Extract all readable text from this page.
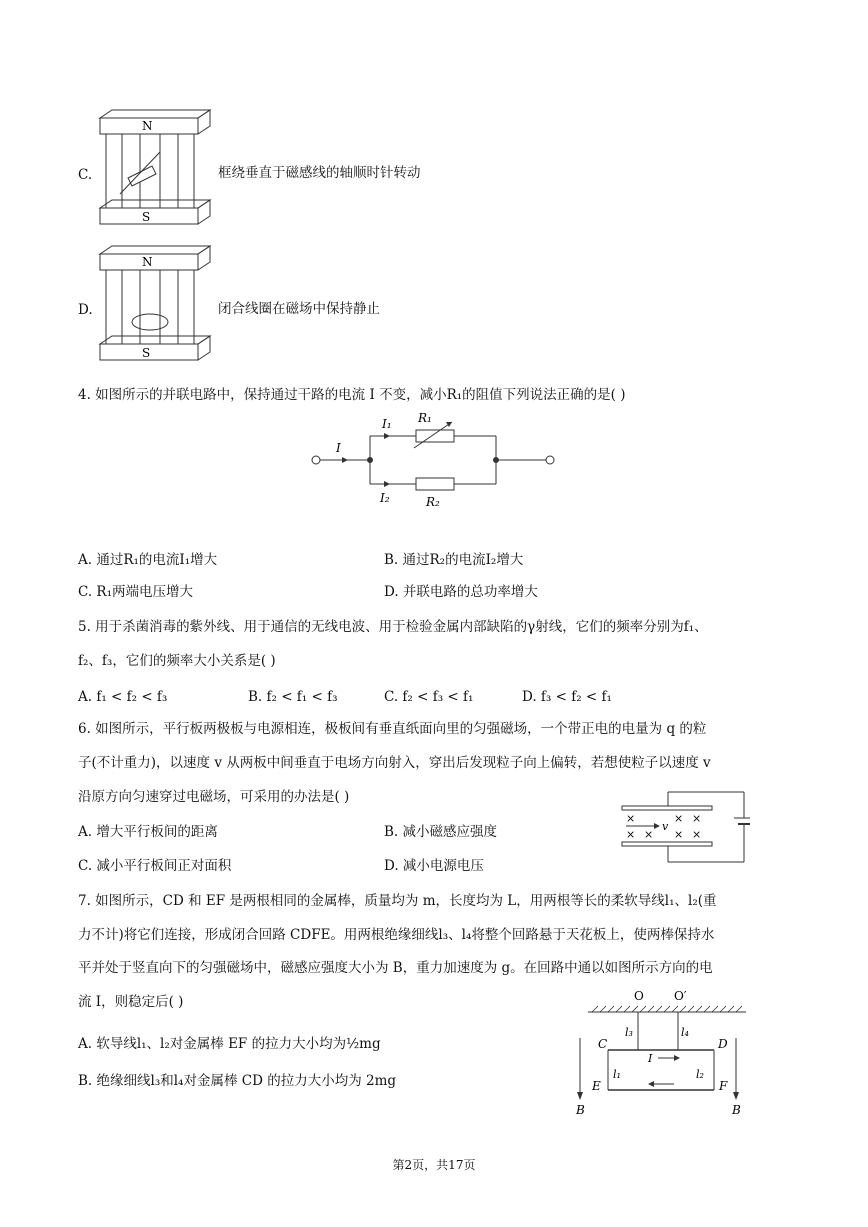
C.
N
S
框绕垂直于磁感线的轴顺时针转动
D.
N
S
闭合线圈在磁场中保持静止
4. 如图所示的并联电路中，保持通过干路的电流 I 不变，减小R₁的阻值下列说法正确的是( )
I
I₁ R₁
I₂	R₂
A. 通过R₁的电流I₁增大	B. 通过R₂的电流I₂增大
C. R₁两端电压增大	D. 并联电路的总功率增大
5. 用于杀菌消毒的紫外线、用于通信的无线电波、用于检验金属内部缺陷的γ射线，它们的频率分别为f₁、
f₂、f₃，它们的频率大小关系是( )
A. f₁ < f₂ < f₃	B. f₂ < f₁ < f₃	C. f₂ < f₃ < f₁	D. f₃ < f₂ < f₁
6. 如图所示，平行板两极板与电源相连，极板间有垂直纸面向里的匀强磁场，一个带正电的电量为 q 的粒
子(不计重力)，以速度 v 从两板中间垂直于电场方向射入，穿出后发现粒子向上偏转，若想使粒子以速度 v
沿原方向匀速穿过电磁场，可采用的办法是( )
×	× ×
× × × ×
v
A. 增大平行板间的距离	B. 减小磁感应强度
C. 减小平行板间正对面积	D. 减小电源电压
7. 如图所示，CD 和 EF 是两根相同的金属棒，质量均为 m，长度均为 L，用两根等长的柔软导线l₁、l₂(重
力不计)将它们连接，形成闭合回路 CDFE。用两根绝缘细线l₃、l₄将整个回路悬于天花板上，使两棒保持水
平并处于竖直向下的匀强磁场中，磁感应强度大小为 B，重力加速度为 g。在回路中通以如图所示方向的电
流 I，则稳定后( )	O	O′
l₃	l₄
C	D
I
l₁	l₂
E	F
B	B
A. 软导线l₁、l₂对金属棒 EF 的拉力大小均为½mg
B. 绝缘细线l₃和l₄对金属棒 CD 的拉力大小均为 2mg
第2页，共17页
